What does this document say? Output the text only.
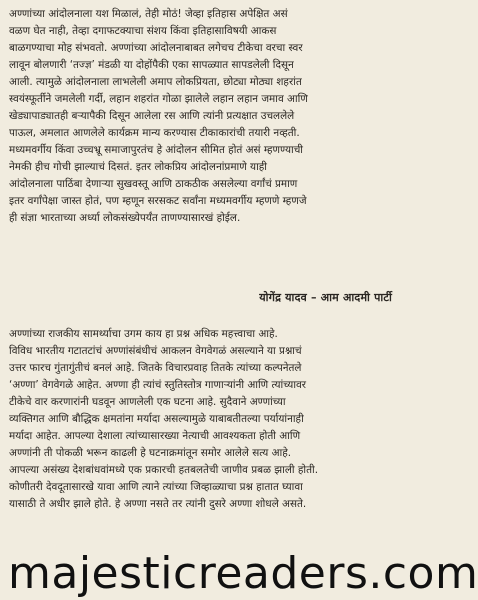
अण्णांच्या आंदोलनाला यश मिळालं, तेही मोठं! जेव्हा इतिहास अपेक्षित असं
वळण घेत नाही, तेव्हा दगाफटक्याचा संशय किंवा इतिहासाविषयी आकस
बाळगण्याचा मोह संभवतो. अण्णांच्या आंदोलनाबाबत लगेचच टीकेचा वरचा स्वर
लावून बोलणारी ‘तज्ज्ञ’ मंडळी या दोहोंपैकी एका सापळ्यात सापडलेली दिसून
आली. त्यामुळे आंदोलनाला लाभलेली अमाप लोकप्रियता, छोट्या मोठ्या शहरांत
स्वयंस्फूर्तीने जमलेली गर्दी, लहान शहरांत गोळा झालेले लहान लहान जमाव आणि
खेड्यापाड्यातही बऱ्यापैकी दिसून आलेला रस आणि त्यांनी प्रत्यक्षात उचललेले
पाऊल, अमलात आणलेले कार्यक्रम मान्य करण्यास टीकाकारांची तयारी नव्हती.
मध्यमवर्गीय किंवा उच्चभ्रू समाजापुरतंच हे आंदोलन सीमित होतं असं म्हणण्याची
नेमकी हीच गोची झाल्याचं दिसतं. इतर लोकप्रिय आंदोलनांप्रमाणे याही
आंदोलनाला पाठिंबा देणाऱ्या सुखवस्तू आणि ठाकठीक असलेल्या वर्गांचं प्रमाण
इतर वर्गांपेक्षा जास्त होतं, पण म्हणून सरसकट सर्वांना मध्यमवर्गीय म्हणणे म्हणजे
ही संज्ञा भारताच्या अर्ध्या लोकसंख्येपर्यंत ताणण्यासारखं होईल.
योगेंद्र यादव – आम आदमी पार्टी
अण्णांच्या राजकीय सामर्थ्याचा उगम काय हा प्रश्न अधिक महत्त्वाचा आहे.
विविध भारतीय गटातटांचं अण्णांसंबंधीचं आकलन वेगवेगळं असल्याने या प्रश्नाचं
उत्तर फारच गुंतागुंतीचं बनलं आहे. जितके विचारप्रवाह तितके त्यांच्या कल्पनेतले
‘अण्णा’ वेगवेगळे आहेत. अण्णा ही त्यांचं स्तुतिस्तोत्र गाणाऱ्यांनी आणि त्यांच्यावर
टीकेचे वार करणारांनी घडवून आणलेली एक घटना आहे. सुदैवाने अण्णांच्या
व्यक्तिगत आणि बौद्धिक क्षमतांना मर्यादा असल्यामुळे याबाबतीतल्या पर्यायांनाही
मर्यादा आहेत. आपल्या देशाला त्यांच्यासारख्या नेत्याची आवश्यकता होती आणि
अण्णांनी ती पोकळी भरून काढली हे घटनाक्रमांतून समोर आलेले सत्य आहे.
आपल्या असंख्य देशबांधवांमध्ये एक प्रकारची हतबलतेची जाणीव प्रबळ झाली होती.
कोणीतरी देवदूतासारखे यावा आणि त्याने त्यांच्या जिव्हाळ्याचा प्रश्न हातात घ्यावा
यासाठी ते अधीर झाले होते. हे अण्णा नसते तर त्यांनी दुसरे अण्णा शोधले असते.
majesticreaders.com
